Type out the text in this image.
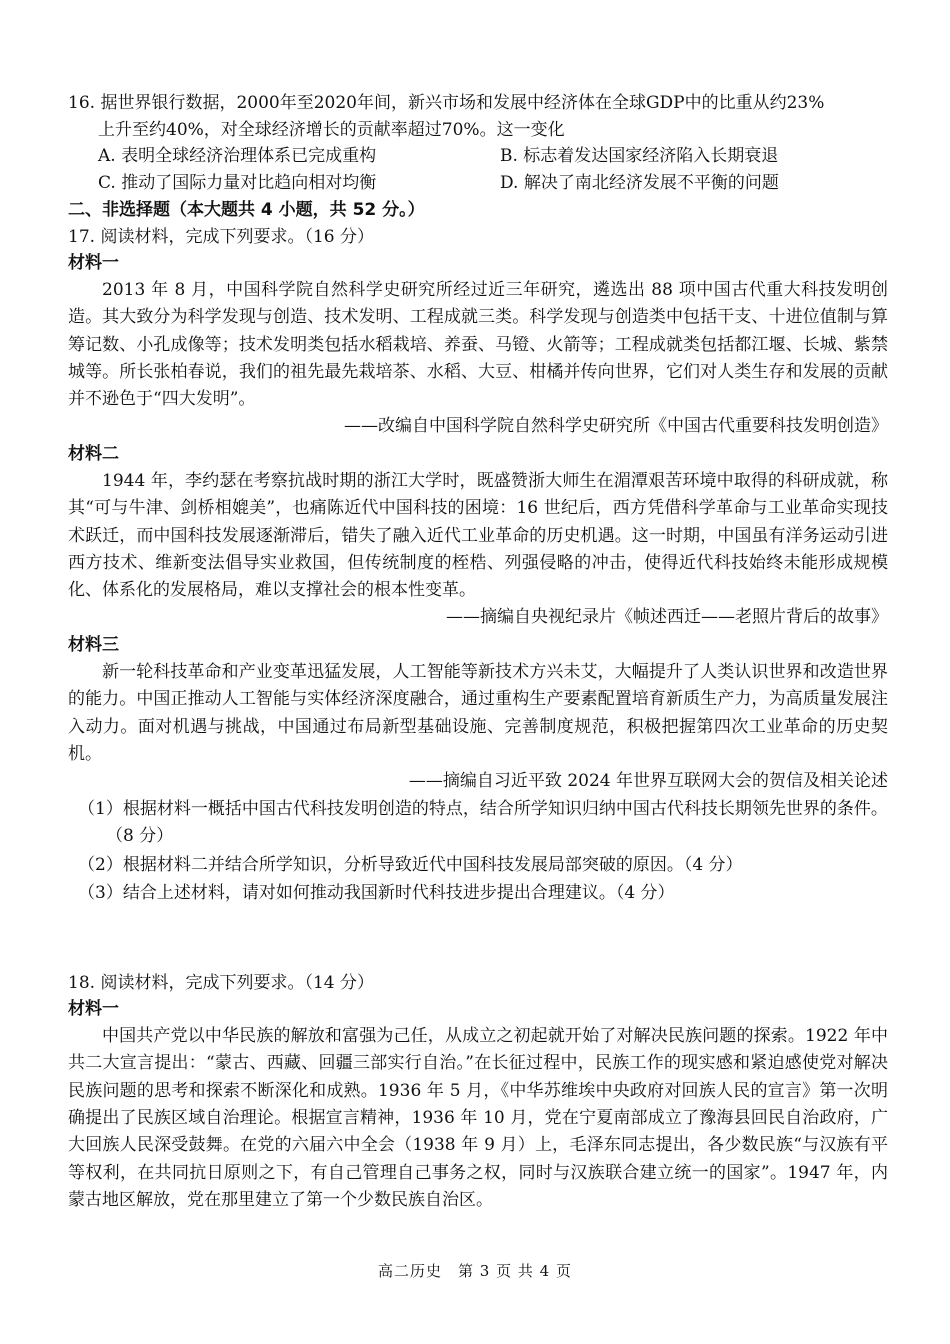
16. 据世界银行数据，2000年至2020年间，新兴市场和发展中经济体在全球GDP中的比重从约23%
上升至约40%，对全球经济增长的贡献率超过70%。这一变化
A. 表明全球经济治理体系已完成重构	B. 标志着发达国家经济陷入长期衰退
C. 推动了国际力量对比趋向相对均衡	D. 解决了南北经济发展不平衡的问题
二、非选择题（本大题共 4 小题，共 52 分。）
17. 阅读材料，完成下列要求。（16 分）
材料一

2013 年 8 月，中国科学院自然科学史研究所经过近三年研究，遴选出 88 项中国古代重大科技发明创造。其大致分为科学发现与创造、技术发明、工程成就三类。科学发现与创造类中包括干支、十进位值制与算筹记数、小孔成像等；技术发明类包括水稻栽培、养蚕、马镫、火箭等；工程成就类包括都江堰、长城、紫禁城等。所长张柏春说，我们的祖先最先栽培茶、水稻、大豆、柑橘并传向世界，它们对人类生存和发展的贡献并不逊色于“四大发明”。

——改编自中国科学院自然科学史研究所《中国古代重要科技发明创造》
材料二

1944 年，李约瑟在考察抗战时期的浙江大学时，既盛赞浙大师生在湄潭艰苦环境中取得的科研成就，称其“可与牛津、剑桥相媲美”，也痛陈近代中国科技的困境：16 世纪后，西方凭借科学革命与工业革命实现技术跃迁，而中国科技发展逐渐滞后，错失了融入近代工业革命的历史机遇。这一时期，中国虽有洋务运动引进西方技术、维新变法倡导实业救国，但传统制度的桎梏、列强侵略的冲击，使得近代科技始终未能形成规模化、体系化的发展格局，难以支撑社会的根本性变革。

——摘编自央视纪录片《帧述西迁——老照片背后的故事》
材料三

新一轮科技革命和产业变革迅猛发展，人工智能等新技术方兴未艾，大幅提升了人类认识世界和改造世界的能力。中国正推动人工智能与实体经济深度融合，通过重构生产要素配置培育新质生产力，为高质量发展注入动力。面对机遇与挑战，中国通过布局新型基础设施、完善制度规范，积极把握第四次工业革命的历史契机。

——摘编自习近平致 2024 年世界互联网大会的贺信及相关论述

（1）根据材料一概括中国古代科技发明创造的特点，结合所学知识归纳中国古代科技长期领先世界的条件。（8 分）

（2）根据材料二并结合所学知识，分析导致近代中国科技发展局部突破的原因。（4 分）

（3）结合上述材料，请对如何推动我国新时代科技进步提出合理建议。（4 分）

18. 阅读材料，完成下列要求。（14 分）
材料一

中国共产党以中华民族的解放和富强为己任，从成立之初起就开始了对解决民族问题的探索。1922 年中共二大宣言提出：“蒙古、西藏、回疆三部实行自治。”在长征过程中，民族工作的现实感和紧迫感使党对解决民族问题的思考和探索不断深化和成熟。1936 年 5 月，《中华苏维埃中央政府对回族人民的宣言》第一次明确提出了民族区域自治理论。根据宣言精神，1936 年 10 月，党在宁夏南部成立了豫海县回民自治政府，广大回族人民深受鼓舞。在党的六届六中全会（1938 年 9 月）上，毛泽东同志提出，各少数民族“与汉族有平等权利，在共同抗日原则之下，有自己管理自己事务之权，同时与汉族联合建立统一的国家”。1947 年，内蒙古地区解放，党在那里建立了第一个少数民族自治区。

高二历史　第 3 页 共 4 页
